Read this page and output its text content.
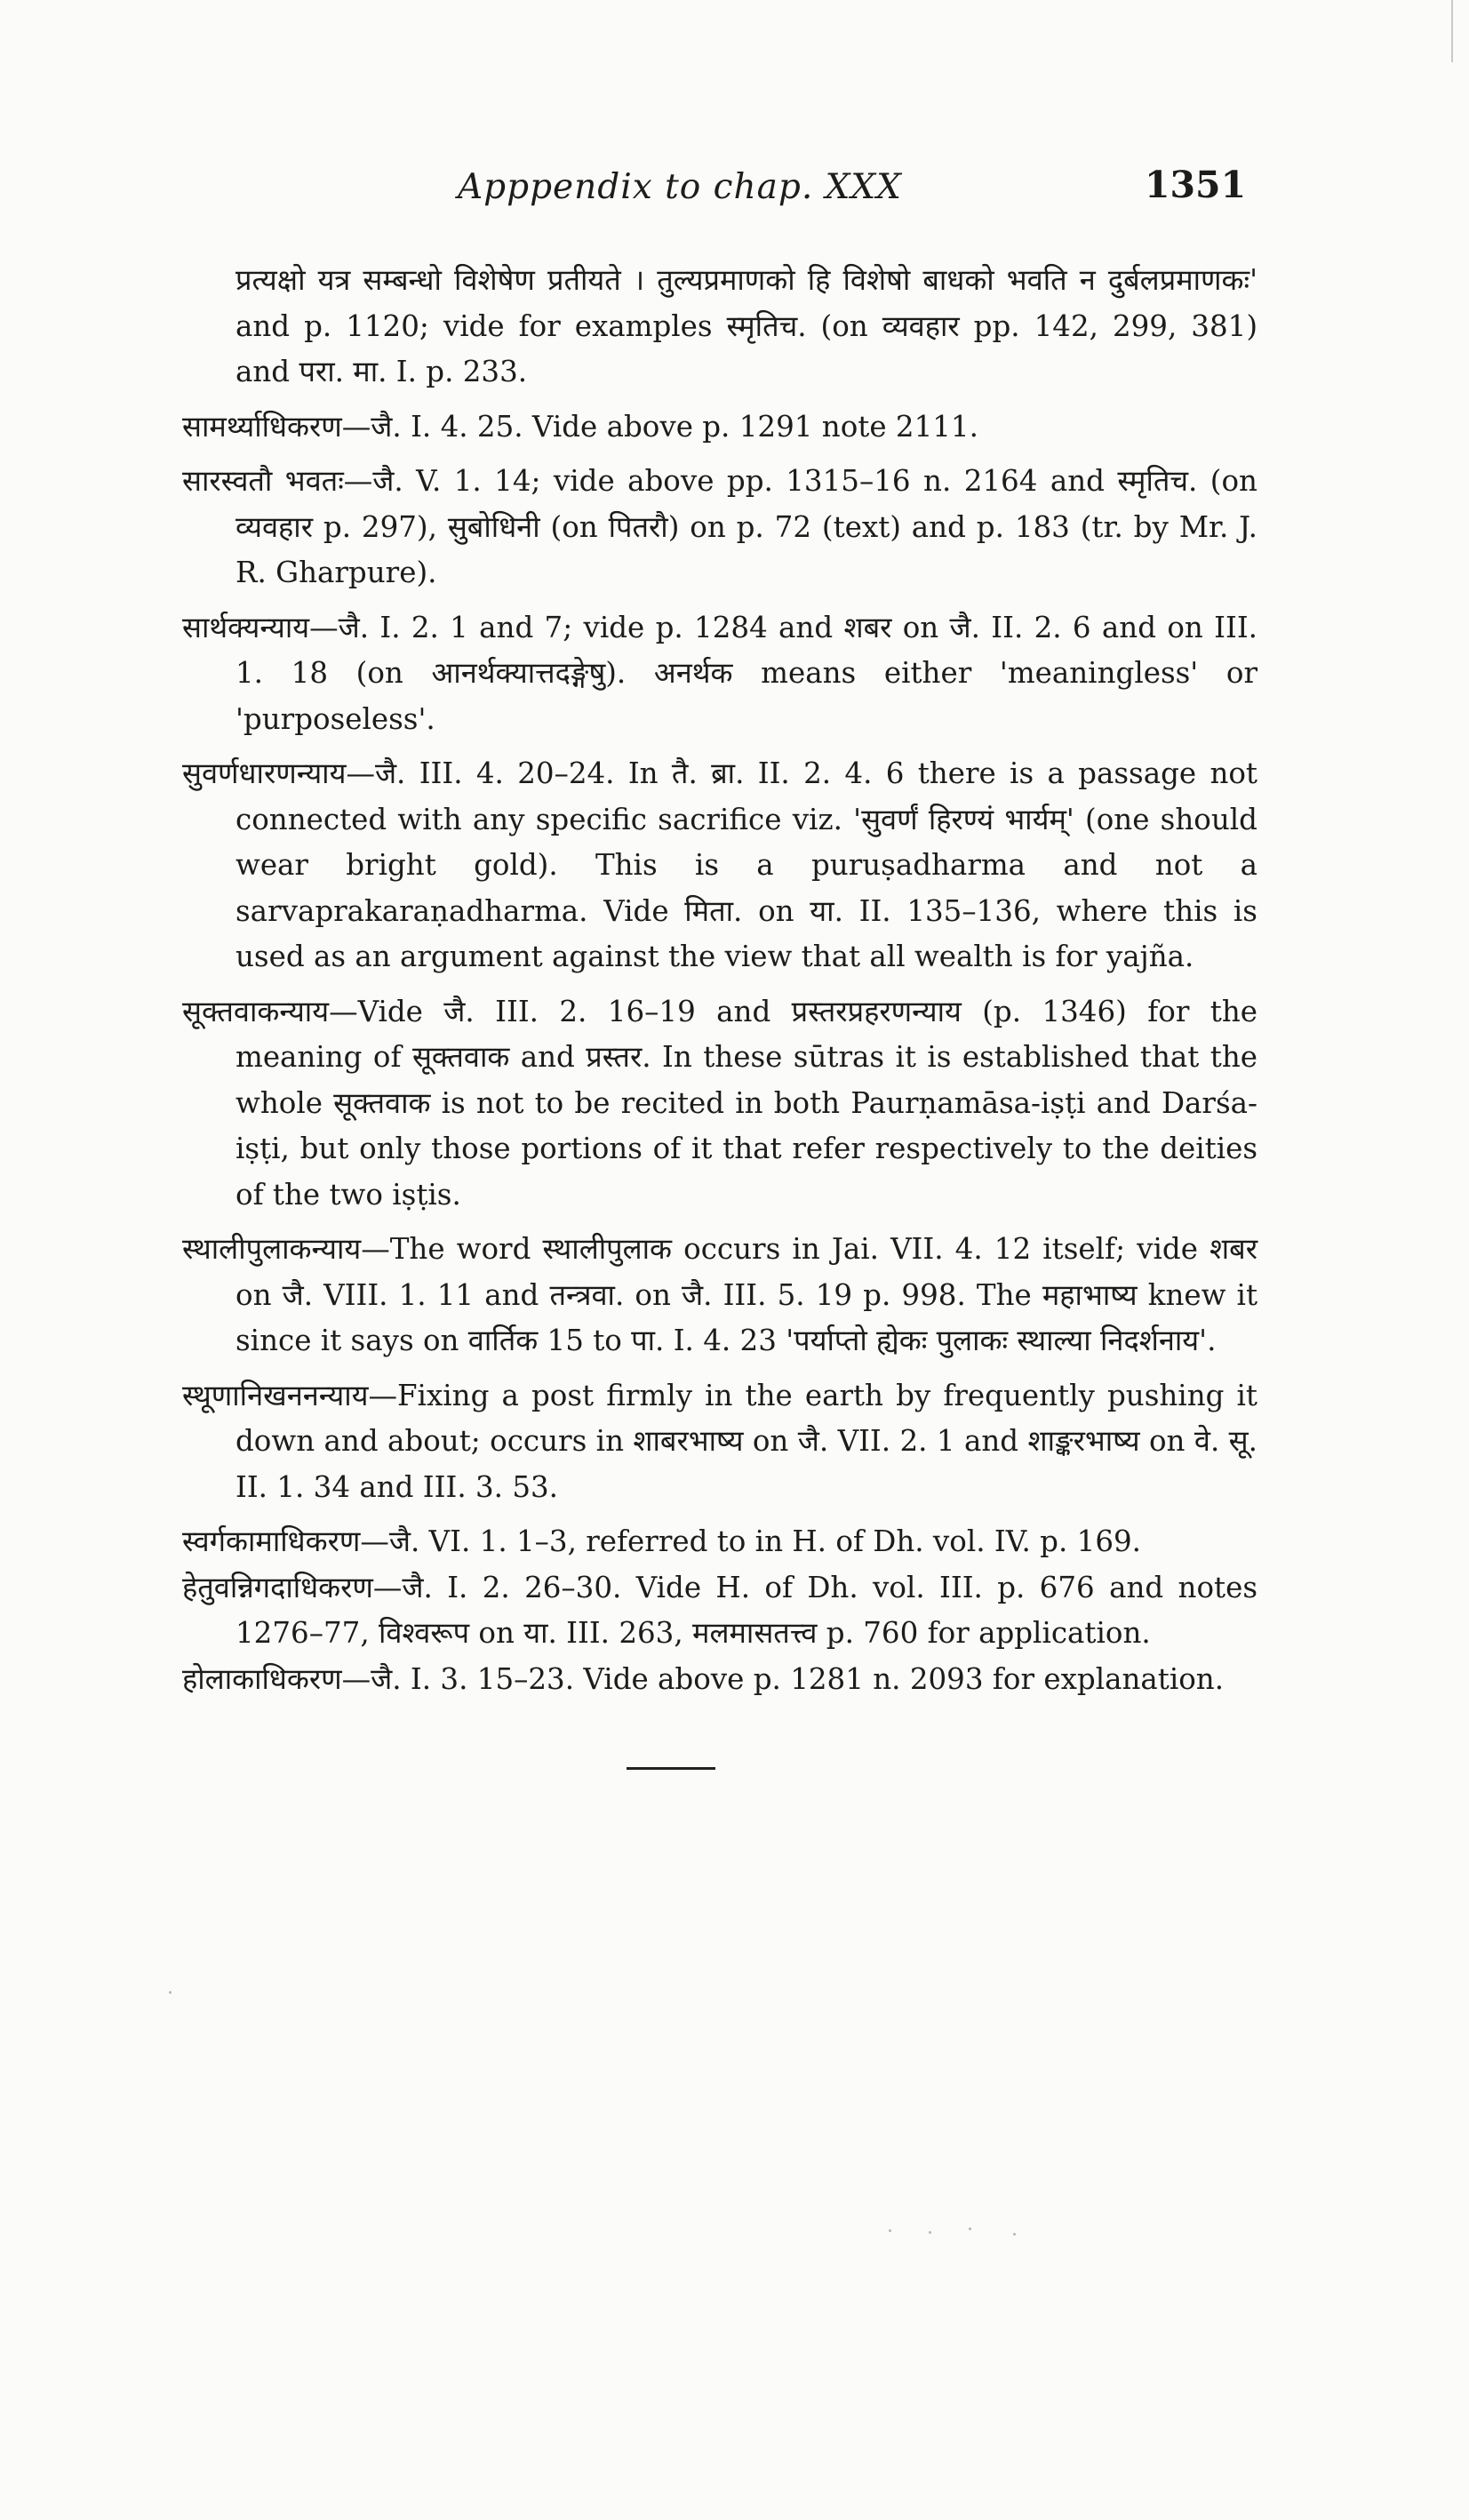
Apppendix to chap. XXX	1351

प्रत्यक्षो यत्र सम्बन्धो विशेषेण प्रतीयते । तुल्यप्रमाणको हि विशेषो बाधको भवति न दुर्बलप्रमाणकः' and p. 1120; vide for examples स्मृतिच. (on व्यवहार pp. 142, 299, 381) and परा. मा. I. p. 233.

सामर्थ्याधिकरण—जै. I. 4. 25. Vide above p. 1291 note 2111.

सारस्वतौ भवतः—जै. V. 1. 14; vide above pp. 1315–16 n. 2164 and स्मृतिच. (on व्यवहार p. 297), सुबोधिनी (on पितरौ) on p. 72 (text) and p. 183 (tr. by Mr. J. R. Gharpure).

सार्थक्यन्याय—जै. I. 2. 1 and 7; vide p. 1284 and शबर on जै. II. 2. 6 and on III. 1. 18 (on आनर्थक्यात्तदङ्गेषु). अनर्थक means either 'meaningless' or 'purposeless'.

सुवर्णधारणन्याय—जै. III. 4. 20–24. In तै. ब्रा. II. 2. 4. 6 there is a passage not connected with any specific sacrifice viz. 'सुवर्णं हिरण्यं भार्यम्' (one should wear bright gold). This is a puruṣadharma and not a sarvaprakaraṇadharma. Vide मिता. on या. II. 135–136, where this is used as an argument against the view that all wealth is for yajña.

सूक्तवाकन्याय—Vide जै. III. 2. 16–19 and प्रस्तरप्रहरणन्याय (p. 1346) for the meaning of सूक्तवाक and प्रस्तर. In these sūtras it is established that the whole सूक्तवाक is not to be recited in both Paurṇamāsa-iṣṭi and Darśa-iṣṭi, but only those portions of it that refer respectively to the deities of the two iṣṭis.

स्थालीपुलाकन्याय—The word स्थालीपुलाक occurs in Jai. VII. 4. 12 itself; vide शबर on जै. VIII. 1. 11 and तन्त्रवा. on जै. III. 5. 19 p. 998. The महाभाष्य knew it since it says on वार्तिक 15 to पा. I. 4. 23 'पर्याप्तो ह्येकः पुलाकः स्थाल्या निदर्शनाय'.

स्थूणानिखननन्याय—Fixing a post firmly in the earth by frequently pushing it down and about; occurs in शाबरभाष्य on जै. VII. 2. 1 and शाङ्करभाष्य on वे. सू. II. 1. 34 and III. 3. 53.

स्वर्गकामाधिकरण—जै. VI. 1. 1–3, referred to in H. of Dh. vol. IV. p. 169.

हेतुवन्निगदाधिकरण—जै. I. 2. 26–30. Vide H. of Dh. vol. III. p. 676 and notes 1276–77, विश्वरूप on या. III. 263, मलमासतत्त्व p. 760 for application.

होलाकाधिकरण—जै. I. 3. 15–23. Vide above p. 1281 n. 2093 for explanation.
